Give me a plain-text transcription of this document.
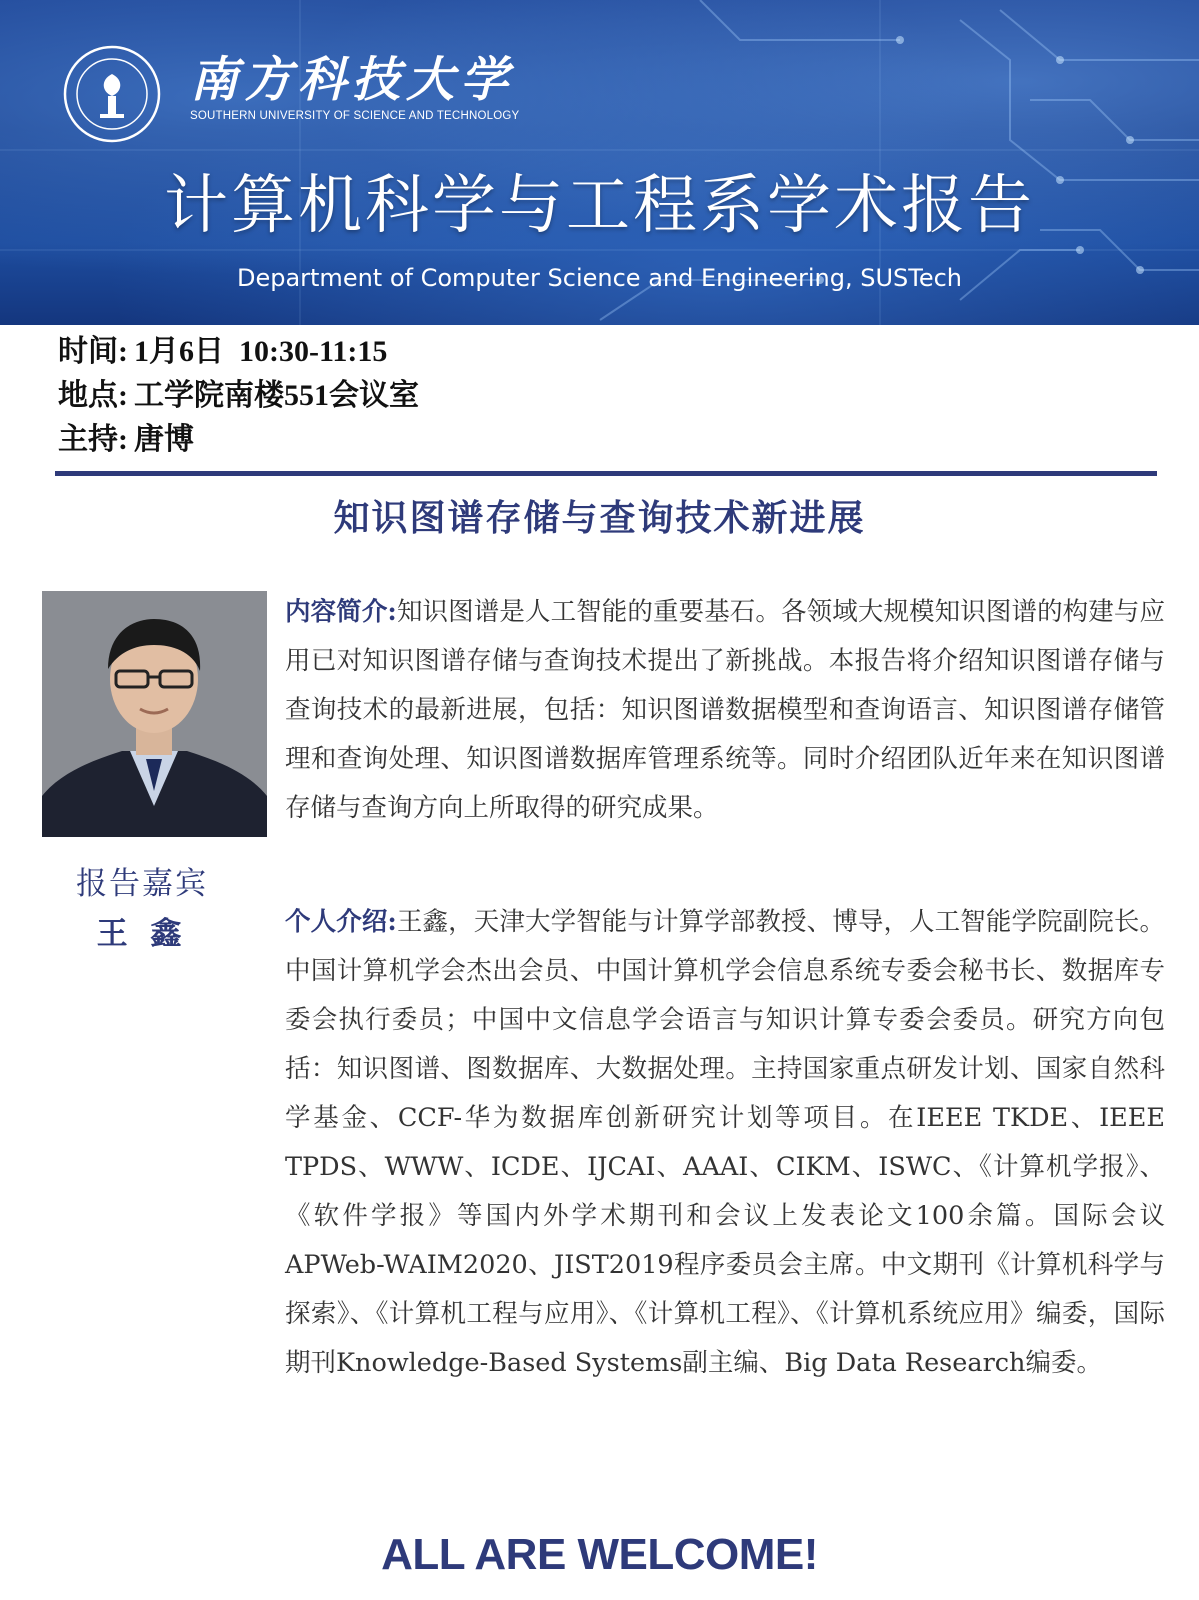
南方科技大学
SOUTHERN UNIVERSITY OF SCIENCE AND TECHNOLOGY
计算机科学与工程系学术报告
Department of Computer Science and Engineering, SUSTech
时间: 1月6日  10:30-11:15
地点: 工学院南楼551会议室
主持: 唐博
知识图谱存储与查询技术新进展
报告嘉宾
王 鑫
内容简介:知识图谱是人工智能的重要基石。各领域大规模知识图谱的构建与应用已对知识图谱存储与查询技术提出了新挑战。本报告将介绍知识图谱存储与查询技术的最新进展，包括：知识图谱数据模型和查询语言、知识图谱存储管理和查询处理、知识图谱数据库管理系统等。同时介绍团队近年来在知识图谱存储与查询方向上所取得的研究成果。
个人介绍:王鑫，天津大学智能与计算学部教授、博导，人工智能学院副院长。中国计算机学会杰出会员、中国计算机学会信息系统专委会秘书长、数据库专委会执行委员；中国中文信息学会语言与知识计算专委会委员。研究方向包括：知识图谱、图数据库、大数据处理。主持国家重点研发计划、国家自然科学基金、CCF-华为数据库创新研究计划等项目。在IEEE TKDE、IEEE TPDS、WWW、ICDE、IJCAI、AAAI、CIKM、ISWC、《计算机学报》、《软件学报》等国内外学术期刊和会议上发表论文100余篇。国际会议APWeb-WAIM2020、JIST2019程序委员会主席。中文期刊《计算机科学与探索》、《计算机工程与应用》、《计算机工程》、《计算机系统应用》编委，国际期刊Knowledge-Based Systems副主编、Big Data Research编委。
ALL ARE WELCOME!
